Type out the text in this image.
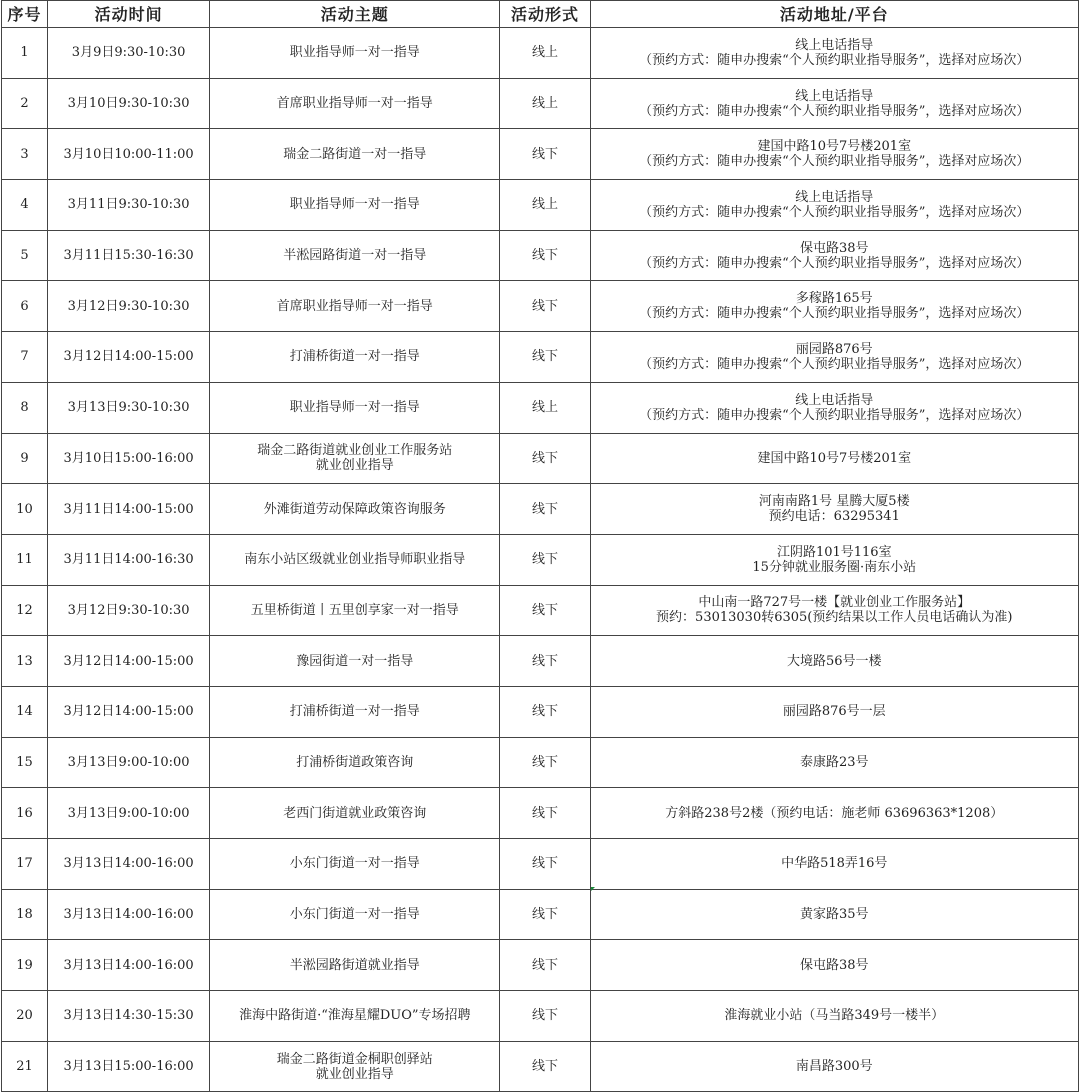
序号	活动时间	活动主题	活动形式	活动地址/平台
1	3月9日9:30-10:30	职业指导师一对一指导	线上	线上电话指导
（预约方式：随申办搜索“个人预约职业指导服务”，选择对应场次）

2	3月10日9:30-10:30	首席职业指导师一对一指导	线上	线上电话指导
（预约方式：随申办搜索“个人预约职业指导服务”，选择对应场次）

3	3月10日10:00-11:00	瑞金二路街道一对一指导	线下	建国中路10号7号楼201室
（预约方式：随申办搜索“个人预约职业指导服务”，选择对应场次）

4	3月11日9:30-10:30	职业指导师一对一指导	线上	线上电话指导
（预约方式：随申办搜索“个人预约职业指导服务”，选择对应场次）

5	3月11日15:30-16:30	半淞园路街道一对一指导	线下	保屯路38号
（预约方式：随申办搜索“个人预约职业指导服务”，选择对应场次）

6	3月12日9:30-10:30	首席职业指导师一对一指导	线下	多稼路165号
（预约方式：随申办搜索“个人预约职业指导服务”，选择对应场次）

7	3月12日14:00-15:00	打浦桥街道一对一指导	线下	丽园路876号
（预约方式：随申办搜索“个人预约职业指导服务”，选择对应场次）

8	3月13日9:30-10:30	职业指导师一对一指导	线上	线上电话指导
（预约方式：随申办搜索“个人预约职业指导服务”，选择对应场次）

9	3月10日15:00-16:00	瑞金二路街道就业创业工作服务站
就业创业指导	线下	建国中路10号7号楼201室

10	3月11日14:00-15:00	外滩街道劳动保障政策咨询服务	线下	河南南路1号 星腾大厦5楼
预约电话：63295341

11	3月11日14:00-16:30	南东小站区级就业创业指导师职业指导	线下	江阴路101号116室
15分钟就业服务圈·南东小站

12	3月12日9:30-10:30	五里桥街道丨五里创享家一对一指导	线下	中山南一路727号一楼【就业创业工作服务站】
预约：53013030转6305(预约结果以工作人员电话确认为准)

13	3月12日14:00-15:00	豫园街道一对一指导	线下	大境路56号一楼

14	3月12日14:00-15:00	打浦桥街道一对一指导	线下	丽园路876号一层

15	3月13日9:00-10:00	打浦桥街道政策咨询	线下	泰康路23号

16	3月13日9:00-10:00	老西门街道就业政策咨询	线下	方斜路238号2楼（预约电话：施老师 63696363*1208）

17	3月13日14:00-16:00	小东门街道一对一指导	线下	中华路518弄16号

18	3月13日14:00-16:00	小东门街道一对一指导	线下	黄家路35号

19	3月13日14:00-16:00	半淞园路街道就业指导	线下	保屯路38号

20	3月13日14:30-15:30	淮海中路街道·“淮海星耀DUO”专场招聘	线下	淮海就业小站（马当路349号一楼半）

21	3月13日15:00-16:00	瑞金二路街道金桐职创驿站
就业创业指导	线下	南昌路300号
